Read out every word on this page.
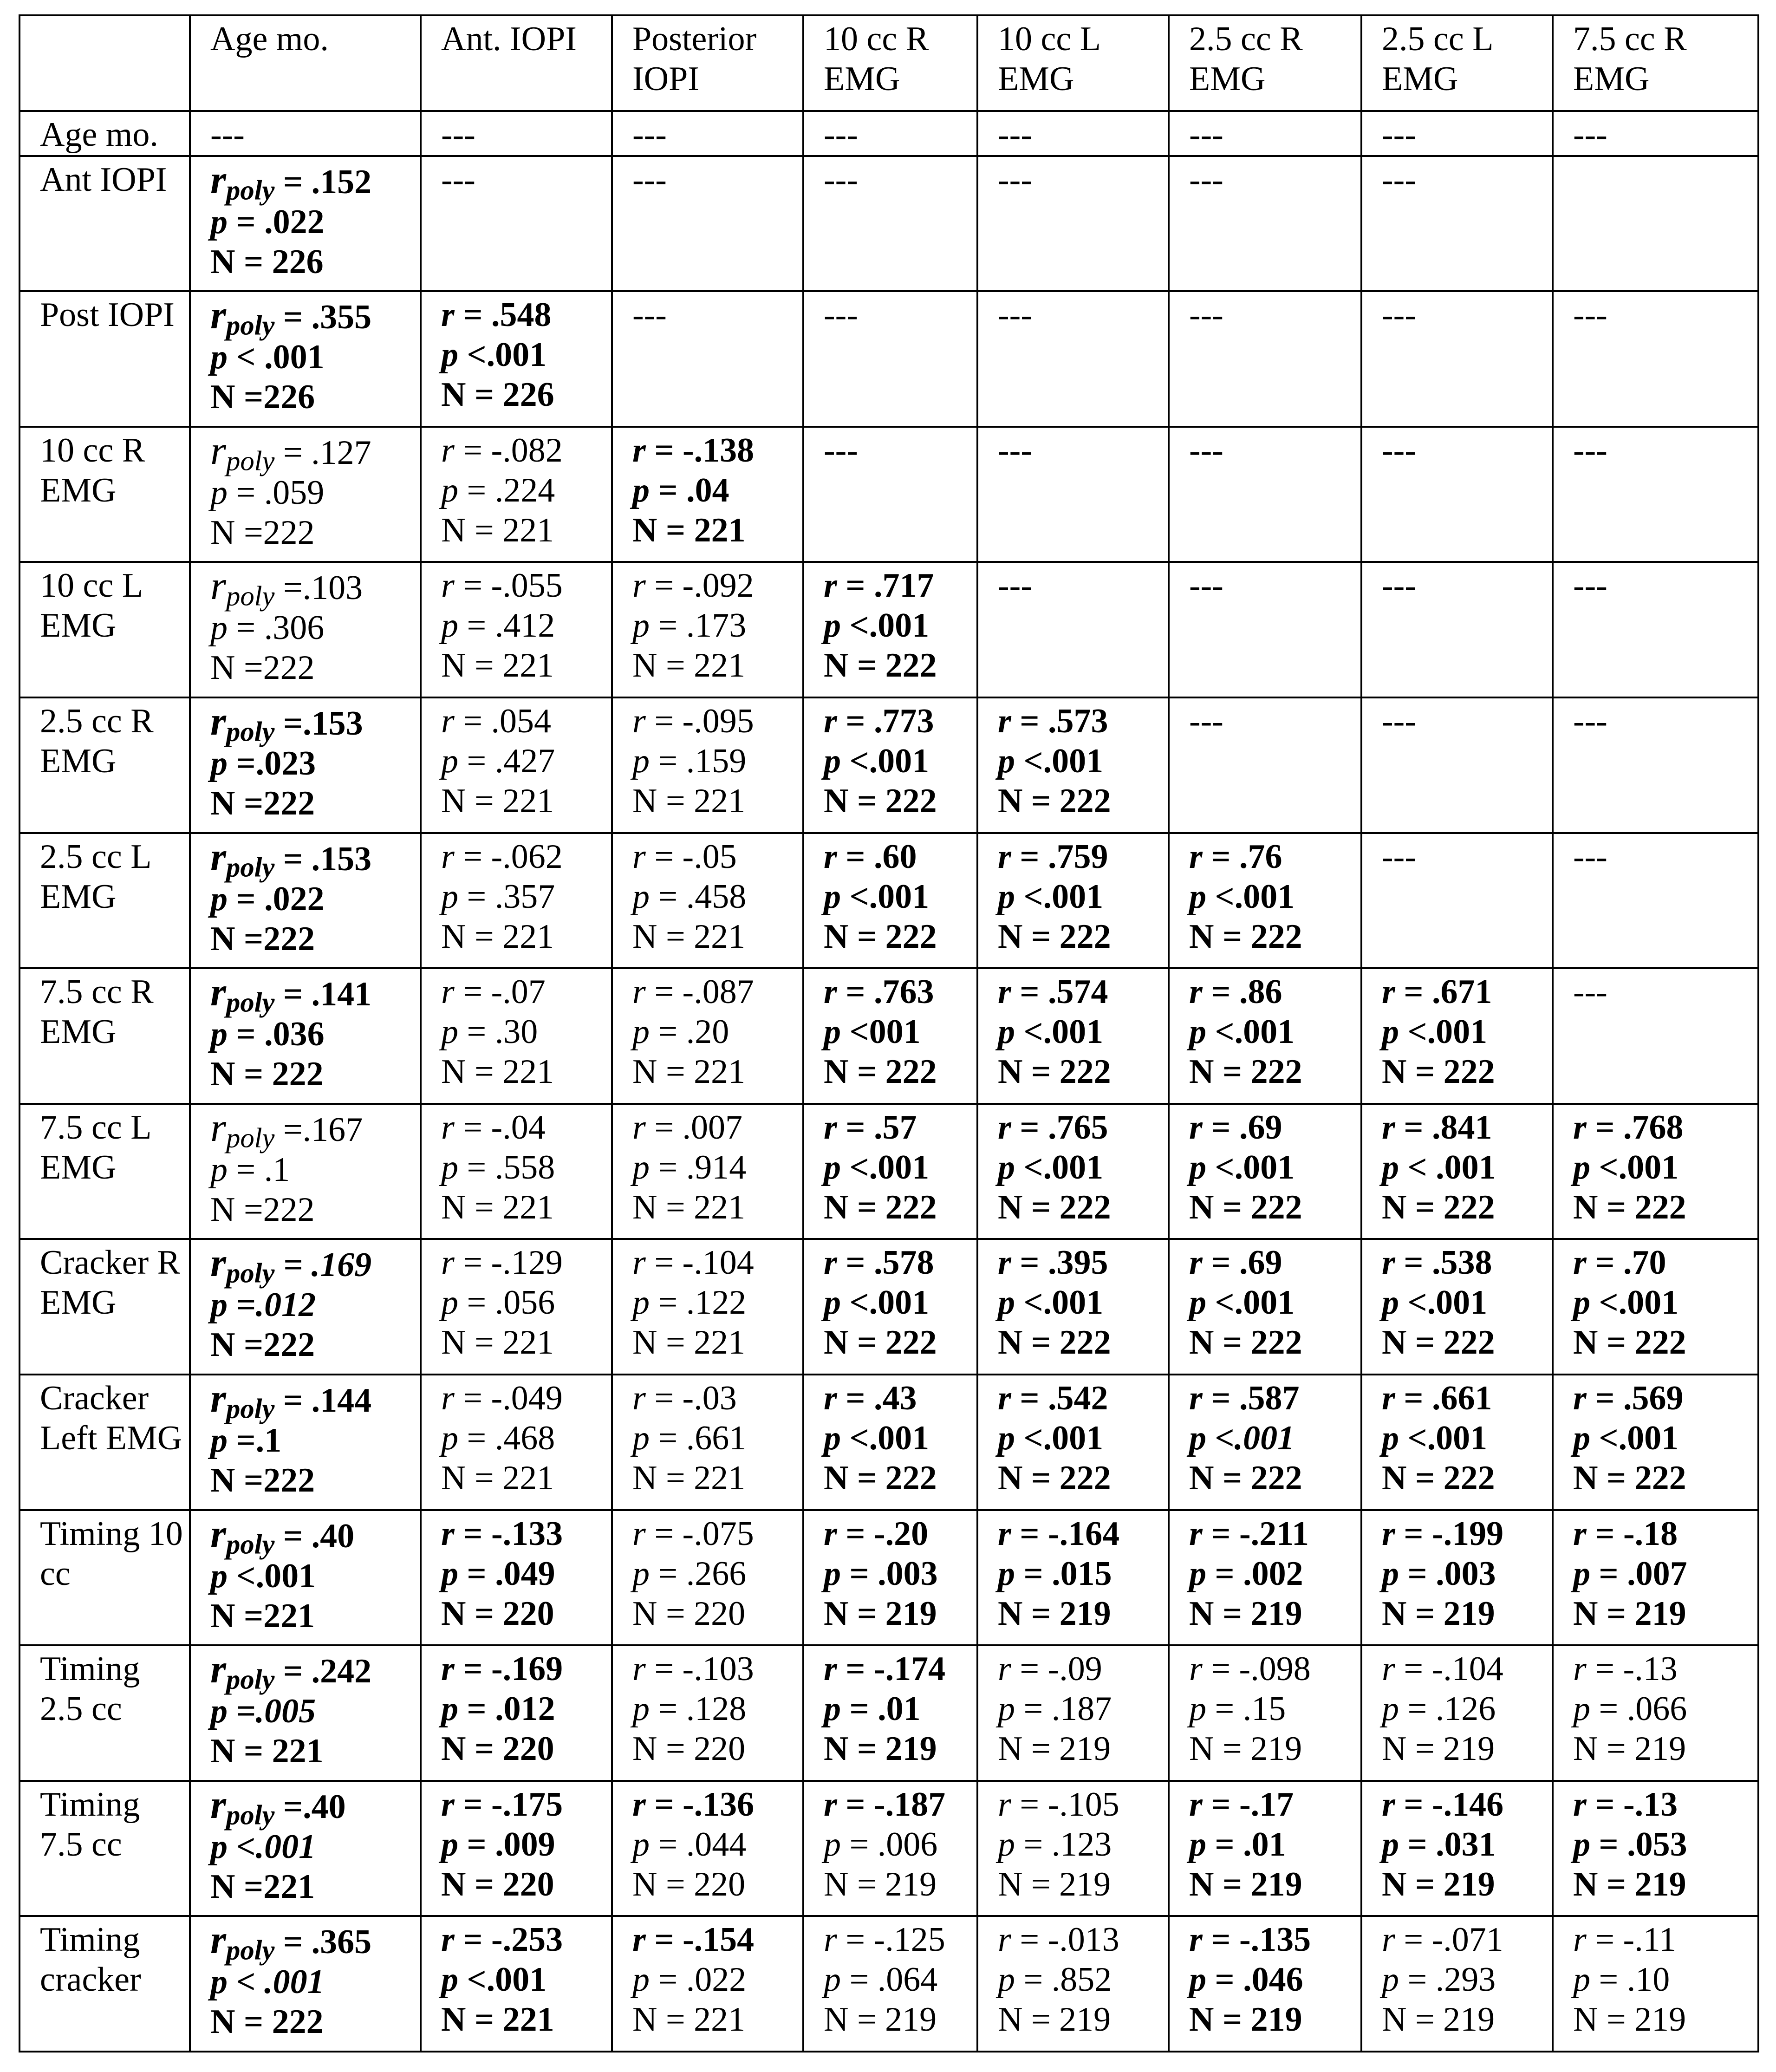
	Age mo.	Ant. IOPI	Posterior IOPI	10 cc R EMG	10 cc L EMG	2.5 cc R EMG	2.5 cc L EMG	7.5 cc R EMG
Age mo.	---	---	---	---	---	---	---	---

Ant IOPI	$r_{poly} = .152$
p = .022
N = 226	---	---	---	---	---	---	

Post IOPI	$r_{poly} = .355$
p < .001
N =226	r = .548
p <.001
N = 226	---	---	---	---	---	---

10 cc R EMG	$r_{poly} = .127$
p = .059
N =222	r = -.082
p = .224
N = 221	r = -.138
p = .04
N = 221	---	---	---	---	---

10 cc L EMG	$r_{poly} =.103$
p = .306
N =222	r = -.055
p = .412
N = 221	r = -.092
p = .173
N = 221	r = .717
p <.001
N = 222	---	---	---	---

2.5 cc R EMG	$r_{poly} =.153$
p =.023
N =222	r = .054
p = .427
N = 221	r = -.095
p = .159
N = 221	r = .773
p <.001
N = 222	r = .573
p <.001
N = 222	---	---	---

2.5 cc L EMG	$r_{poly} = .153$
p = .022
N =222	r = -.062
p = .357
N = 221	r = -.05
p = .458
N = 221	r = .60
p <.001
N = 222	r = .759
p <.001
N = 222	r = .76
p <.001
N = 222	---	---

7.5 cc R EMG	$r_{poly} = .141$
p = .036
N = 222	r = -.07
p = .30
N = 221	r = -.087
p = .20
N = 221	r = .763
p <001
N = 222	r = .574
p <.001
N = 222	r = .86
p <.001
N = 222	r = .671
p <.001
N = 222	---

7.5 cc L EMG	$r_{poly} =.167$
p = .1
N =222	r = -.04
p = .558
N = 221	r = .007
p = .914
N = 221	r = .57
p <.001
N = 222	r = .765
p <.001
N = 222	r = .69
p <.001
N = 222	r = .841
p < .001
N = 222	r = .768
p <.001
N = 222

Cracker R EMG	$r_{poly} = .169$
p =.012
N =222	r = -.129
p = .056
N = 221	r = -.104
p = .122
N = 221	r = .578
p <.001
N = 222	r = .395
p <.001
N = 222	r = .69
p <.001
N = 222	r = .538
p <.001
N = 222	r = .70
p <.001
N = 222

Cracker Left EMG	$r_{poly} = .144$
p =.1
N =222	r = -.049
p = .468
N = 221	r = -.03
p = .661
N = 221	r = .43
p <.001
N = 222	r = .542
p <.001
N = 222	r = .587
p <.001
N = 222	r = .661
p <.001
N = 222	r = .569
p <.001
N = 222

Timing 10 cc	$r_{poly} = .40$
p <.001
N =221	r = -.133
p = .049
N = 220	r = -.075
p = .266
N = 220	r = -.20
p = .003
N = 219	r = -.164
p = .015
N = 219	r = -.211
p = .002
N = 219	r = -.199
p = .003
N = 219	r = -.18
p = .007
N = 219

Timing 2.5 cc	$r_{poly} = .242$
p =.005
N = 221	r = -.169
p = .012
N = 220	r = -.103
p = .128
N = 220	r = -.174
p = .01
N = 219	r = -.09
p = .187
N = 219	r = -.098
p = .15
N = 219	r = -.104
p = .126
N = 219	r = -.13
p = .066
N = 219

Timing 7.5 cc	$r_{poly} =.40$
p <.001
N =221	r = -.175
p = .009
N = 220	r = -.136
p = .044
N = 220	r = -.187
p = .006
N = 219	r = -.105
p = .123
N = 219	r = -.17
p = .01
N = 219	r = -.146
p = .031
N = 219	r = -.13
p = .053
N = 219

Timing cracker	$r_{poly} = .365$
p < .001
N = 222	r = -.253
p <.001
N = 221	r = -.154
p = .022
N = 221	r = -.125
p = .064
N = 219	r = -.013
p = .852
N = 219	r = -.135
p = .046
N = 219	r = -.071
p = .293
N = 219	r = -.11
p = .10
N = 219
